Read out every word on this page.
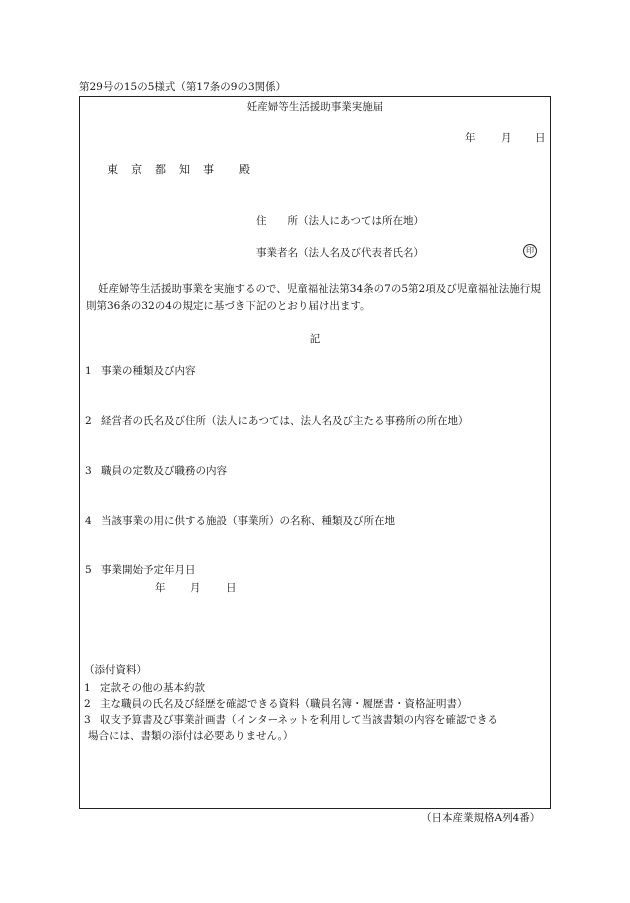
第29号の15の5様式（第17条の9の3関係）
妊産婦等生活援助事業実施届
年 月 日
東　京　都　知　事　　殿
住　　所（法人にあつては所在地）
事業者名（法人名及び代表者氏名）	印
妊産婦等生活援助事業を実施するので、児童福祉法第34条の7の5第2項及び児童福祉法施行規則第36条の32の4の規定に基づき下記のとおり届け出ます。
記
1 事業の種類及び内容
2 経営者の氏名及び住所（法人にあつては、法人名及び主たる事務所の所在地）
3 職員の定数及び職務の内容
4 当該事業の用に供する施設（事業所）の名称、種類及び所在地
5 事業開始予定年月日
年 月 日
（添付資料）
1 定款その他の基本約款
2 主な職員の氏名及び経歴を確認できる資料（職員名簿・履歴書・資格証明書）
3 収支予算書及び事業計画書（インターネットを利用して当該書類の内容を確認できる
場合には、書類の添付は必要ありません。）
（日本産業規格A列4番）
